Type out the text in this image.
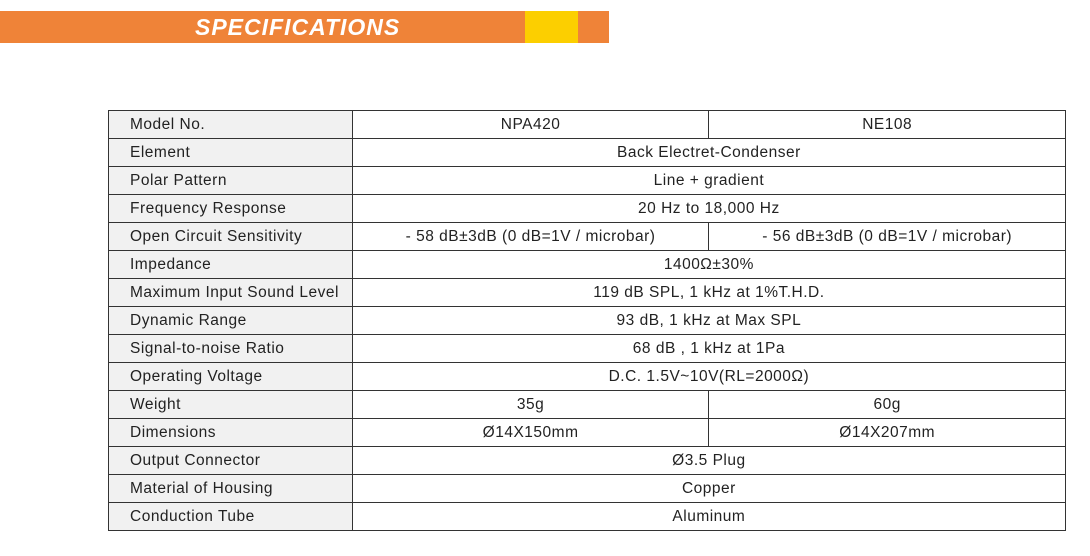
SPECIFICATIONS
Model No.	NPA420	NE108
Element	Back Electret-Condenser	
Polar Pattern	Line + gradient	
Frequency Response	20 Hz to 18,000 Hz	
Open Circuit Sensitivity	- 58 dB±3dB (0 dB=1V / microbar)	- 56 dB±3dB (0 dB=1V / microbar)
Impedance	1400Ω±30%	
Maximum Input Sound Level	119 dB SPL, 1 kHz at 1%T.H.D.	
Dynamic Range	93 dB, 1 kHz at Max SPL	
Signal-to-noise Ratio	68 dB , 1 kHz at 1Pa	
Operating Voltage	D.C. 1.5V~10V(RL=2000Ω)	
Weight	35g	60g
Dimensions	Ø14X150mm	Ø14X207mm
Output Connector	Ø3.5 Plug	
Material of Housing	Copper	
Conduction Tube	Aluminum	
